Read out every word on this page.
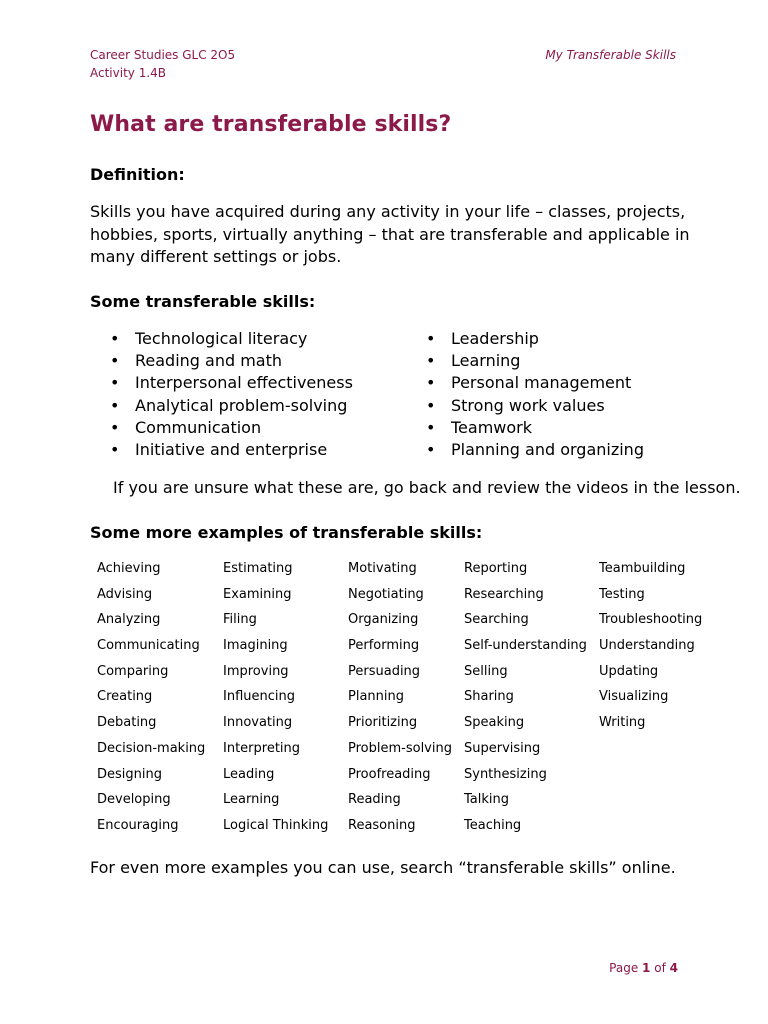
Career Studies GLC 2O5
Activity 1.4B
My Transferable Skills
What are transferable skills?
Definition:
Skills you have acquired during any activity in your life – classes, projects, hobbies, sports, virtually anything – that are transferable and applicable in many different settings or jobs.
Some transferable skills:
• Technological literacy
• Reading and math
• Interpersonal effectiveness
• Analytical problem-solving
• Communication
• Initiative and enterprise
• Leadership
• Learning
• Personal management
• Strong work values
• Teamwork
• Planning and organizing
If you are unsure what these are, go back and review the videos in the lesson.
Some more examples of transferable skills:
Achieving
Advising
Analyzing
Communicating
Comparing
Creating
Debating
Decision-making
Designing
Developing
Encouraging
Estimating
Examining
Filing
Imagining
Improving
Influencing
Innovating
Interpreting
Leading
Learning
Logical Thinking
Motivating
Negotiating
Organizing
Performing
Persuading
Planning
Prioritizing
Problem-solving
Proofreading
Reading
Reasoning
Reporting
Researching
Searching
Self-understanding
Selling
Sharing
Speaking
Supervising
Synthesizing
Talking
Teaching
Teambuilding
Testing
Troubleshooting
Understanding
Updating
Visualizing
Writing
For even more examples you can use, search “transferable skills” online.
Page 1 of 4
